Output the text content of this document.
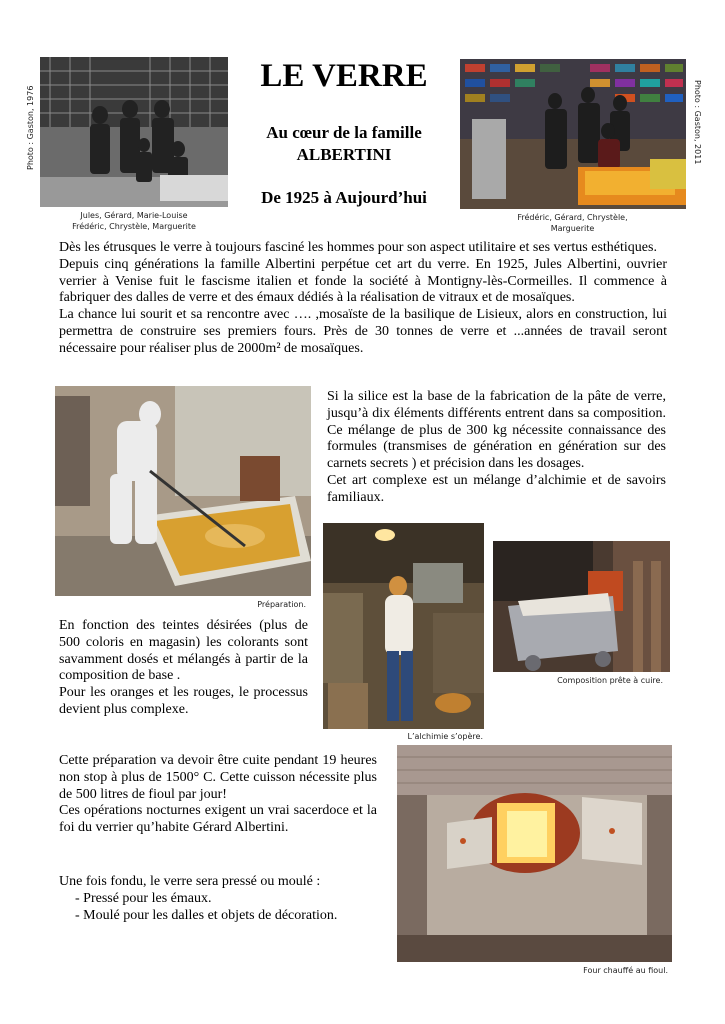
Photo : Gaston, 1976	Photo : Gaston, 2011
Jules, Gérard, Marie-Louise
Frédéric, Chrystèle, Marguerite
LE VERRE
Au cœur de la famille
ALBERTINI
De 1925 à Aujourd’hui
Frédéric, Gérard, Chrystèle,
Marguerite

Dès les étrusques le verre à toujours fasciné les hommes pour son aspect utilitaire et ses vertus esthétiques.

Depuis cinq générations la famille Albertini perpétue cet art du verre. En 1925, Jules Albertini, ouvrier verrier à Venise fuit le fascisme italien et fonde la société à Montigny-lès-Cormeilles. Il commence à fabriquer des dalles de verre et des émaux dédiés à la réalisation de vitraux et de mosaïques.

La chance lui sourit et sa rencontre avec …. ,mosaïste de la basilique de Lisieux, alors en construction, lui permettra de construire ses premiers fours. Près de 30 tonnes de verre et ...années de travail seront nécessaire pour réaliser plus de 2000m² de mosaïques.

Préparation.

Si la silice est la base de la fabrication de la pâte de verre, jusqu’à dix éléments différents entrent dans sa composition. Ce mélange de plus de 300 kg nécessite connaissance des formules (transmises de génération en génération sur des carnets secrets ) et précision dans les dosages.

Cet art complexe est un mélange d’alchimie et de savoirs familiaux.

L’alchimie s’opère.
Composition prête à cuire.

En fonction des teintes désirées (plus de 500 coloris en magasin) les colorants sont savamment dosés et mélangés à partir de la composition de base .

Pour les oranges et les rouges, le processus devient plus complexe.

Cette préparation va devoir être cuite pendant 19 heures non stop à plus de 1500° C. Cette cuisson nécessite plus de 500 litres de fioul par jour!

Ces opérations nocturnes exigent un vrai sacerdoce et la foi du verrier qu’habite Gérard Albertini.

Une fois fondu, le verre sera pressé ou moulé :

- Pressé pour les émaux.
- Moulé pour les dalles et objets de décoration.
Four chauffé au fioul.
